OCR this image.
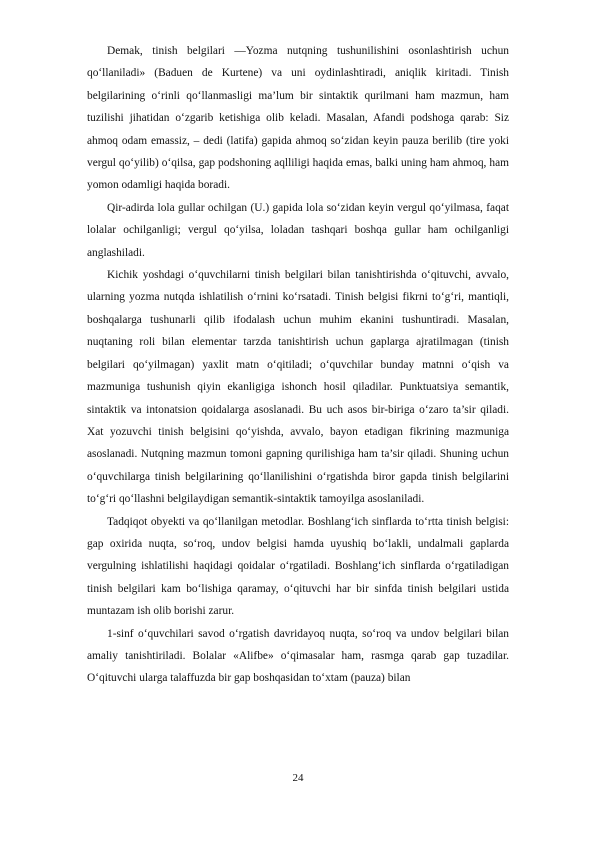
Demak, tinish belgilari ―Yozma nutqning tushunilishini osonlashtirish uchun qo‘llaniladi» (Baduen de Kurtene) va uni oydinlashtiradi, aniqlik kiritadi. Tinish belgilarining o‘rinli qo‘llanmasligi ma’lum bir sintaktik qurilmani ham mazmun, ham tuzilishi jihatidan o‘zgarib ketishiga olib keladi. Masalan, Afandi podshoga qarab: Siz ahmoq odam emassiz, – dedi (latifa) gapida ahmoq so‘zidan keyin pauza berilib (tire yoki vergul qo‘yilib) o‘qilsa, gap podshoning aqlliligi haqida emas, balki uning ham ahmoq, ham yomon odamligi haqida boradi.

Qir-adirda lola gullar ochilgan (U.) gapida lola so‘zidan keyin vergul qo‘yilmasa, faqat lolalar ochilganligi; vergul qo‘yilsa, loladan tashqari boshqa gullar ham ochilganligi anglashiladi.

Kichik yoshdagi o‘quvchilarni tinish belgilari bilan tanishtirishda o‘qituvchi, avvalo, ularning yozma nutqda ishlatilish o‘rnini ko‘rsatadi. Tinish belgisi fikrni to‘g‘ri, mantiqli, boshqalarga tushunarli qilib ifodalash uchun muhim ekanini tushuntiradi. Masalan, nuqtaning roli bilan elementar tarzda tanishtirish uchun gaplarga ajratilmagan (tinish belgilari qo‘yilmagan) yaxlit matn o‘qitiladi; o‘quvchilar bunday matnni o‘qish va mazmuniga tushunish qiyin ekanligiga ishonch hosil qiladilar. Punktuatsiya semantik, sintaktik va intonatsion qoidalarga asoslanadi. Bu uch asos bir-biriga o‘zaro ta’sir qiladi. Xat yozuvchi tinish belgisini qo‘yishda, avvalo, bayon etadigan fikrining mazmuniga asoslanadi. Nutqning mazmun tomoni gapning qurilishiga ham ta’sir qiladi. Shuning uchun o‘quvchilarga tinish belgilarining qo‘llanilishini o‘rgatishda biror gapda tinish belgilarini to‘g‘ri qo‘llashni belgilaydigan semantik-sintaktik tamoyilga asoslaniladi.

Tadqiqot obyekti va qo‘llanilgan metodlar. Boshlang‘ich sinflarda to‘rtta tinish belgisi: gap oxirida nuqta, so‘roq, undov belgisi hamda uyushiq bo‘lakli, undalmali gaplarda vergulning ishlatilishi haqidagi qoidalar o‘rgatiladi. Boshlang‘ich sinflarda o‘rgatiladigan tinish belgilari kam bo‘lishiga qaramay, o‘qituvchi har bir sinfda tinish belgilari ustida muntazam ish olib borishi zarur.

1-sinf o‘quvchilari savod o‘rgatish davridayoq nuqta, so‘roq va undov belgilari bilan amaliy tanishtiriladi. Bolalar «Alifbe» o‘qimasalar ham, rasmga qarab gap tuzadilar. O‘qituvchi ularga talaffuzda bir gap boshqasidan to‘xtam (pauza) bilan

24
